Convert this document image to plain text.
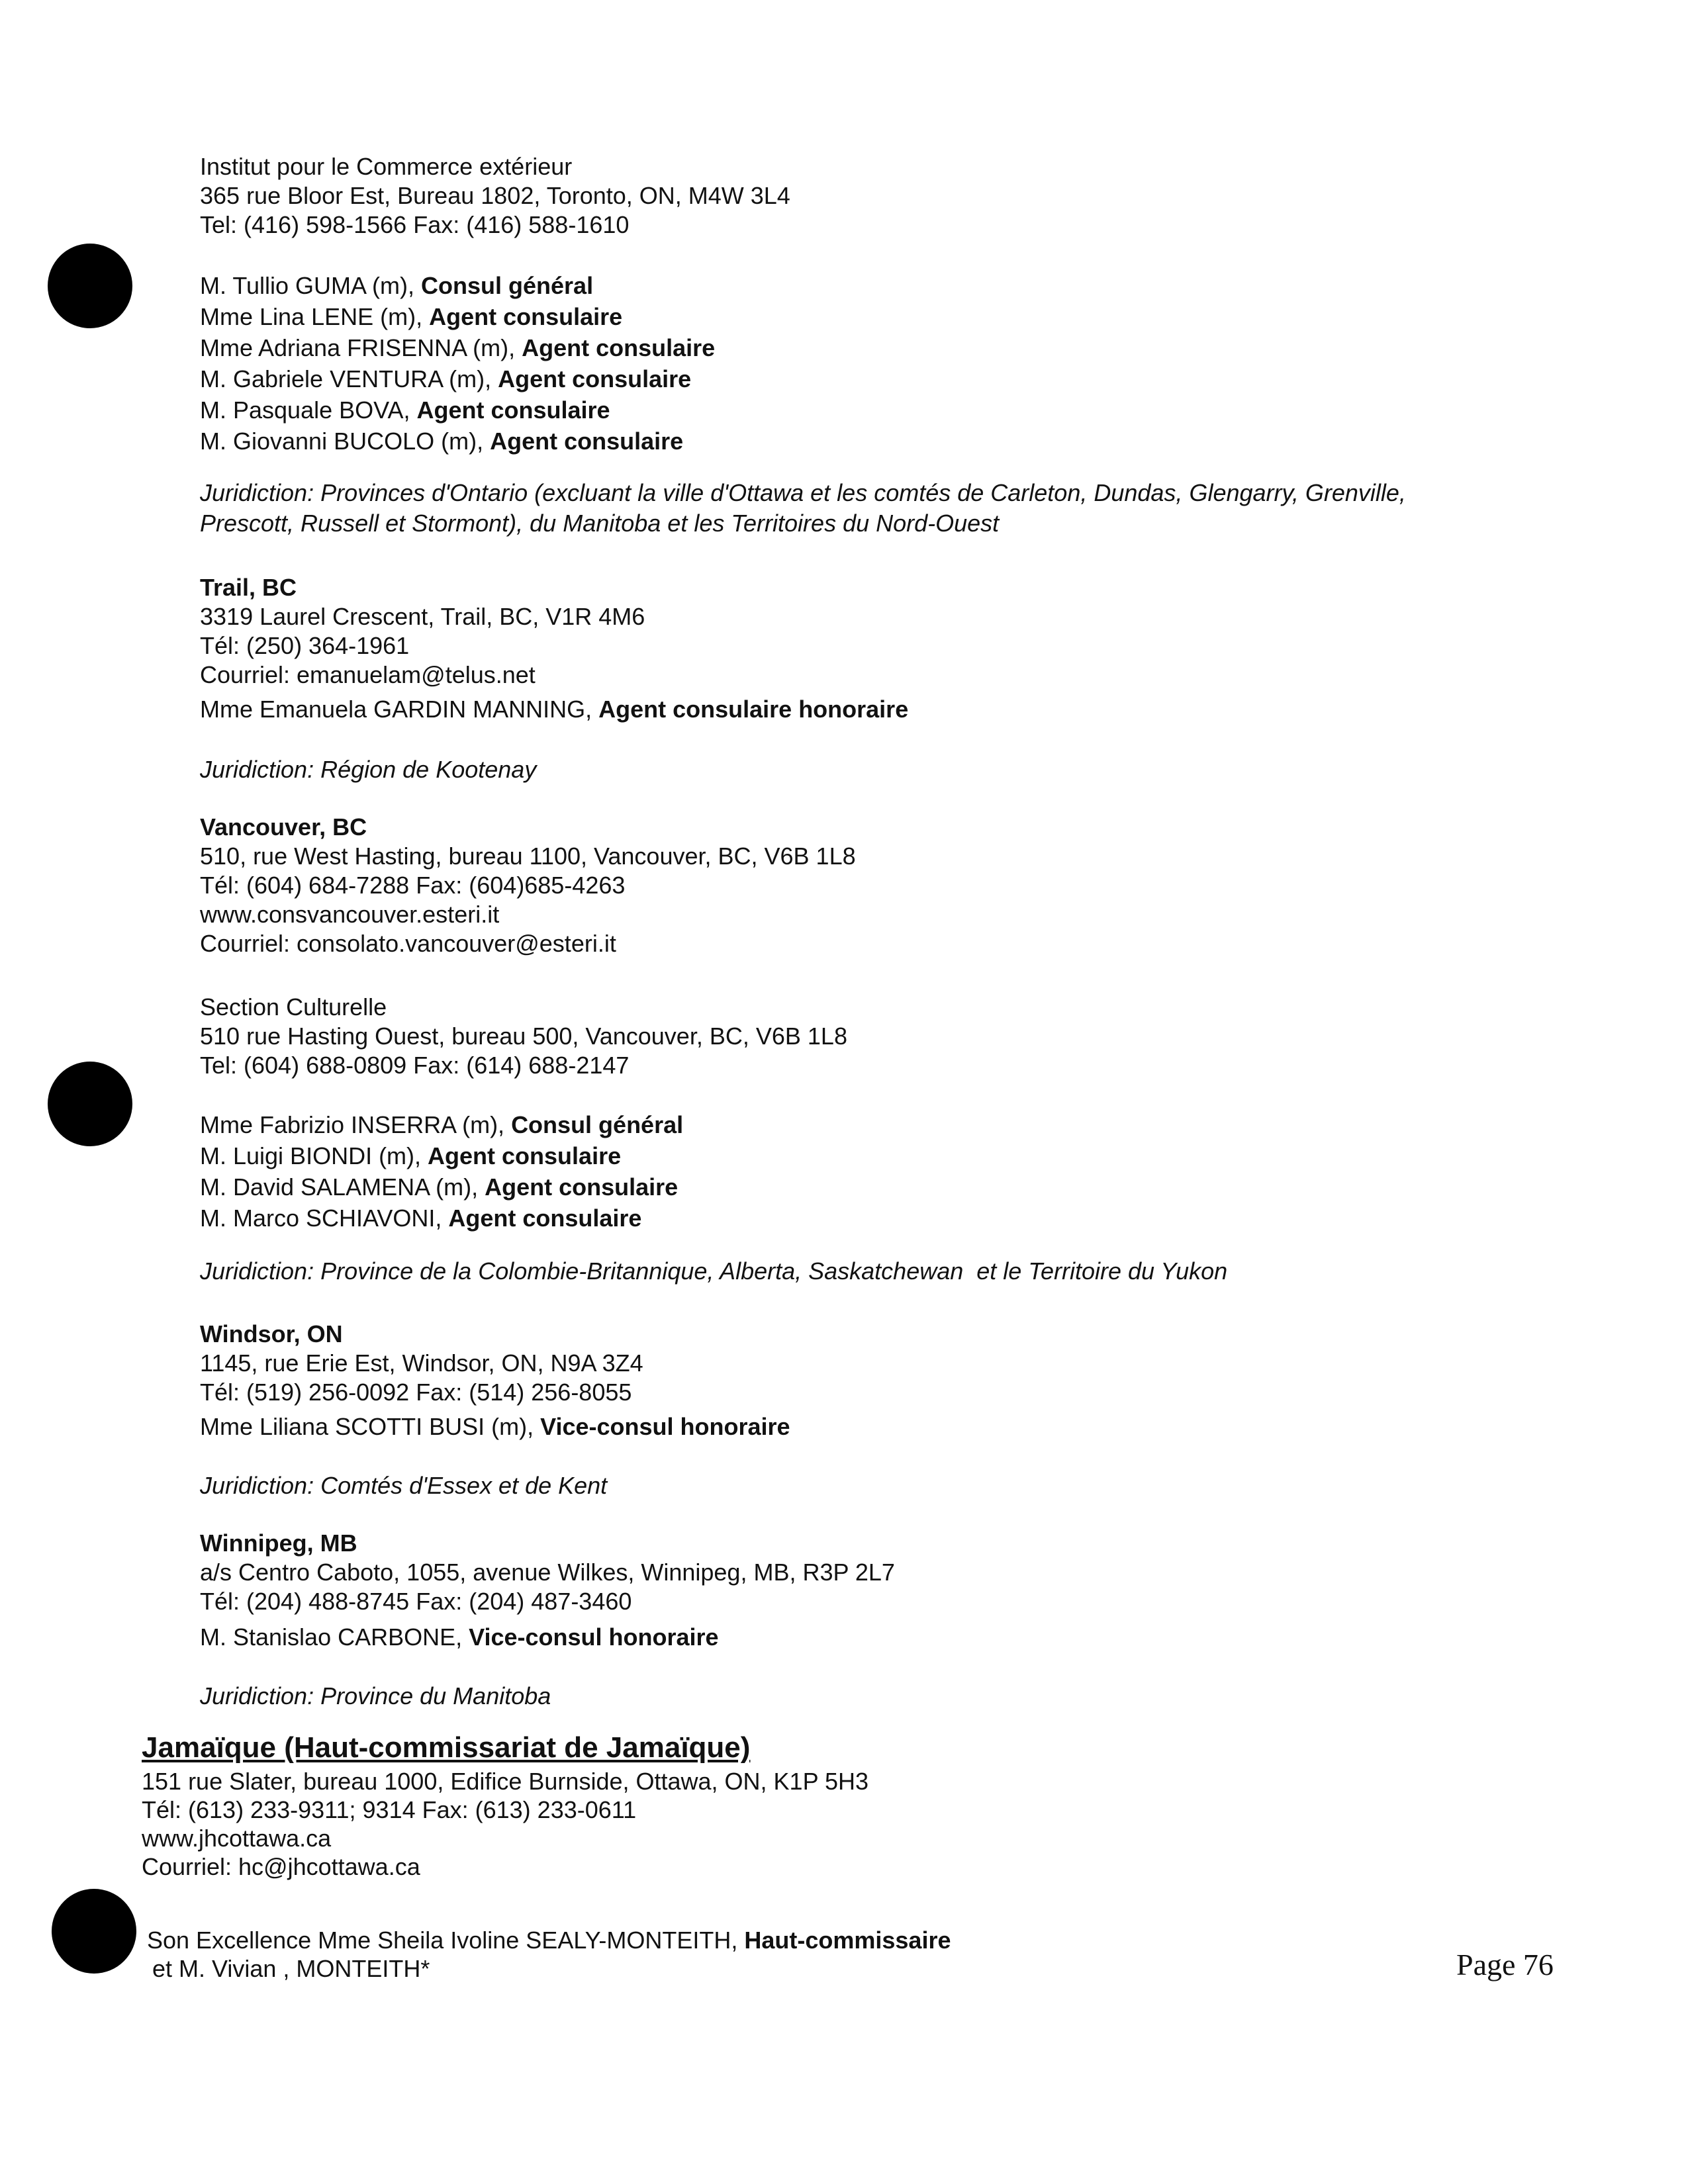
Institut pour le Commerce extérieur

365 rue Bloor Est, Bureau 1802, Toronto, ON, M4W 3L4

Tel: (416) 598-1566 Fax: (416) 588-1610

M. Tullio GUMA (m), Consul général

Mme Lina LENE (m), Agent consulaire

Mme Adriana FRISENNA (m), Agent consulaire

M. Gabriele VENTURA (m), Agent consulaire

M. Pasquale BOVA, Agent consulaire

M. Giovanni BUCOLO (m), Agent consulaire

Juridiction: Provinces d'Ontario (excluant la ville d'Ottawa et les comtés de Carleton, Dundas, Glengarry, Grenville, Prescott, Russell et Stormont), du Manitoba et les Territoires du Nord-Ouest

Trail, BC

3319 Laurel Crescent, Trail, BC, V1R 4M6

Tél: (250) 364-1961

Courriel: emanuelam@telus.net

Mme Emanuela GARDIN MANNING, Agent consulaire honoraire

Juridiction: Région de Kootenay

Vancouver, BC

510, rue West Hasting, bureau 1100, Vancouver, BC, V6B 1L8

Tél: (604) 684-7288 Fax: (604)685-4263

www.consvancouver.esteri.it

Courriel: consolato.vancouver@esteri.it

Section Culturelle

510 rue Hasting Ouest, bureau 500, Vancouver, BC, V6B 1L8

Tel: (604) 688-0809 Fax: (614) 688-2147

Mme Fabrizio INSERRA (m), Consul général

M. Luigi BIONDI (m), Agent consulaire

M. David SALAMENA (m), Agent consulaire

M. Marco SCHIAVONI, Agent consulaire

Juridiction: Province de la Colombie-Britannique, Alberta, Saskatchewan  et le Territoire du Yukon

Windsor, ON

1145, rue Erie Est, Windsor, ON, N9A 3Z4

Tél: (519) 256-0092 Fax: (514) 256-8055

Mme Liliana SCOTTI BUSI (m), Vice-consul honoraire

Juridiction: Comtés d'Essex et de Kent

Winnipeg, MB

a/s Centro Caboto, 1055, avenue Wilkes, Winnipeg, MB, R3P 2L7

Tél: (204) 488-8745 Fax: (204) 487-3460

M. Stanislao CARBONE, Vice-consul honoraire

Juridiction: Province du Manitoba

Jamaïque (Haut-commissariat de Jamaïque)

151 rue Slater, bureau 1000, Edifice Burnside, Ottawa, ON, K1P 5H3

Tél: (613) 233-9311; 9314 Fax: (613) 233-0611

www.jhcottawa.ca

Courriel: hc@jhcottawa.ca

Son Excellence Mme Sheila Ivoline SEALY-MONTEITH, Haut-commissaire

et M. Vivian , MONTEITH*	Page 76
